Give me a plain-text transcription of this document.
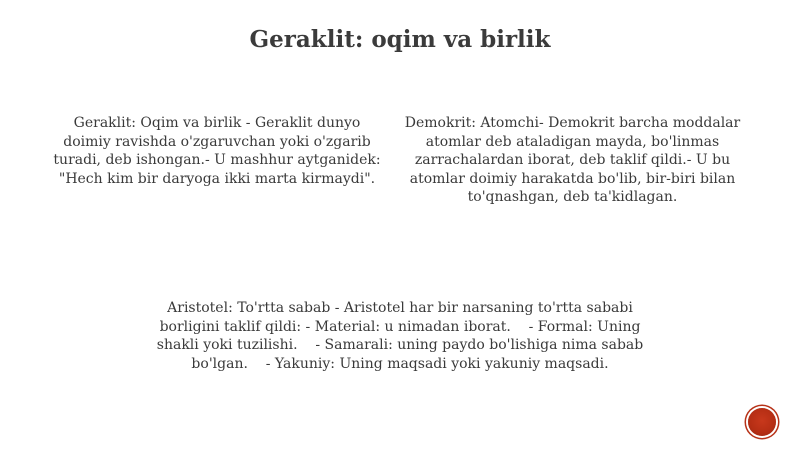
Geraklit: oqim va birlik
Geraklit: Oqim va birlik - Geraklit dunyo doimiy ravishda o'zgaruvchan yoki o'zgarib turadi, deb ishongan.- U mashhur aytganidek: "Hech kim bir daryoga ikki marta kirmaydi".
Demokrit: Atomchi- Demokrit barcha moddalar atomlar deb ataladigan mayda, bo'linmas zarrachalardan iborat, deb taklif qildi.- U bu atomlar doimiy harakatda bo'lib, bir-biri bilan to'qnashgan, deb ta'kidlagan.
Aristotel: To'rtta sabab - Aristotel har bir narsaning to'rtta sababi borligini taklif qildi: - Material: u nimadan iborat.    - Formal: Uning shakli yoki tuzilishi.    - Samarali: uning paydo bo'lishiga nima sabab bo'lgan.    - Yakuniy: Uning maqsadi yoki yakuniy maqsadi.
